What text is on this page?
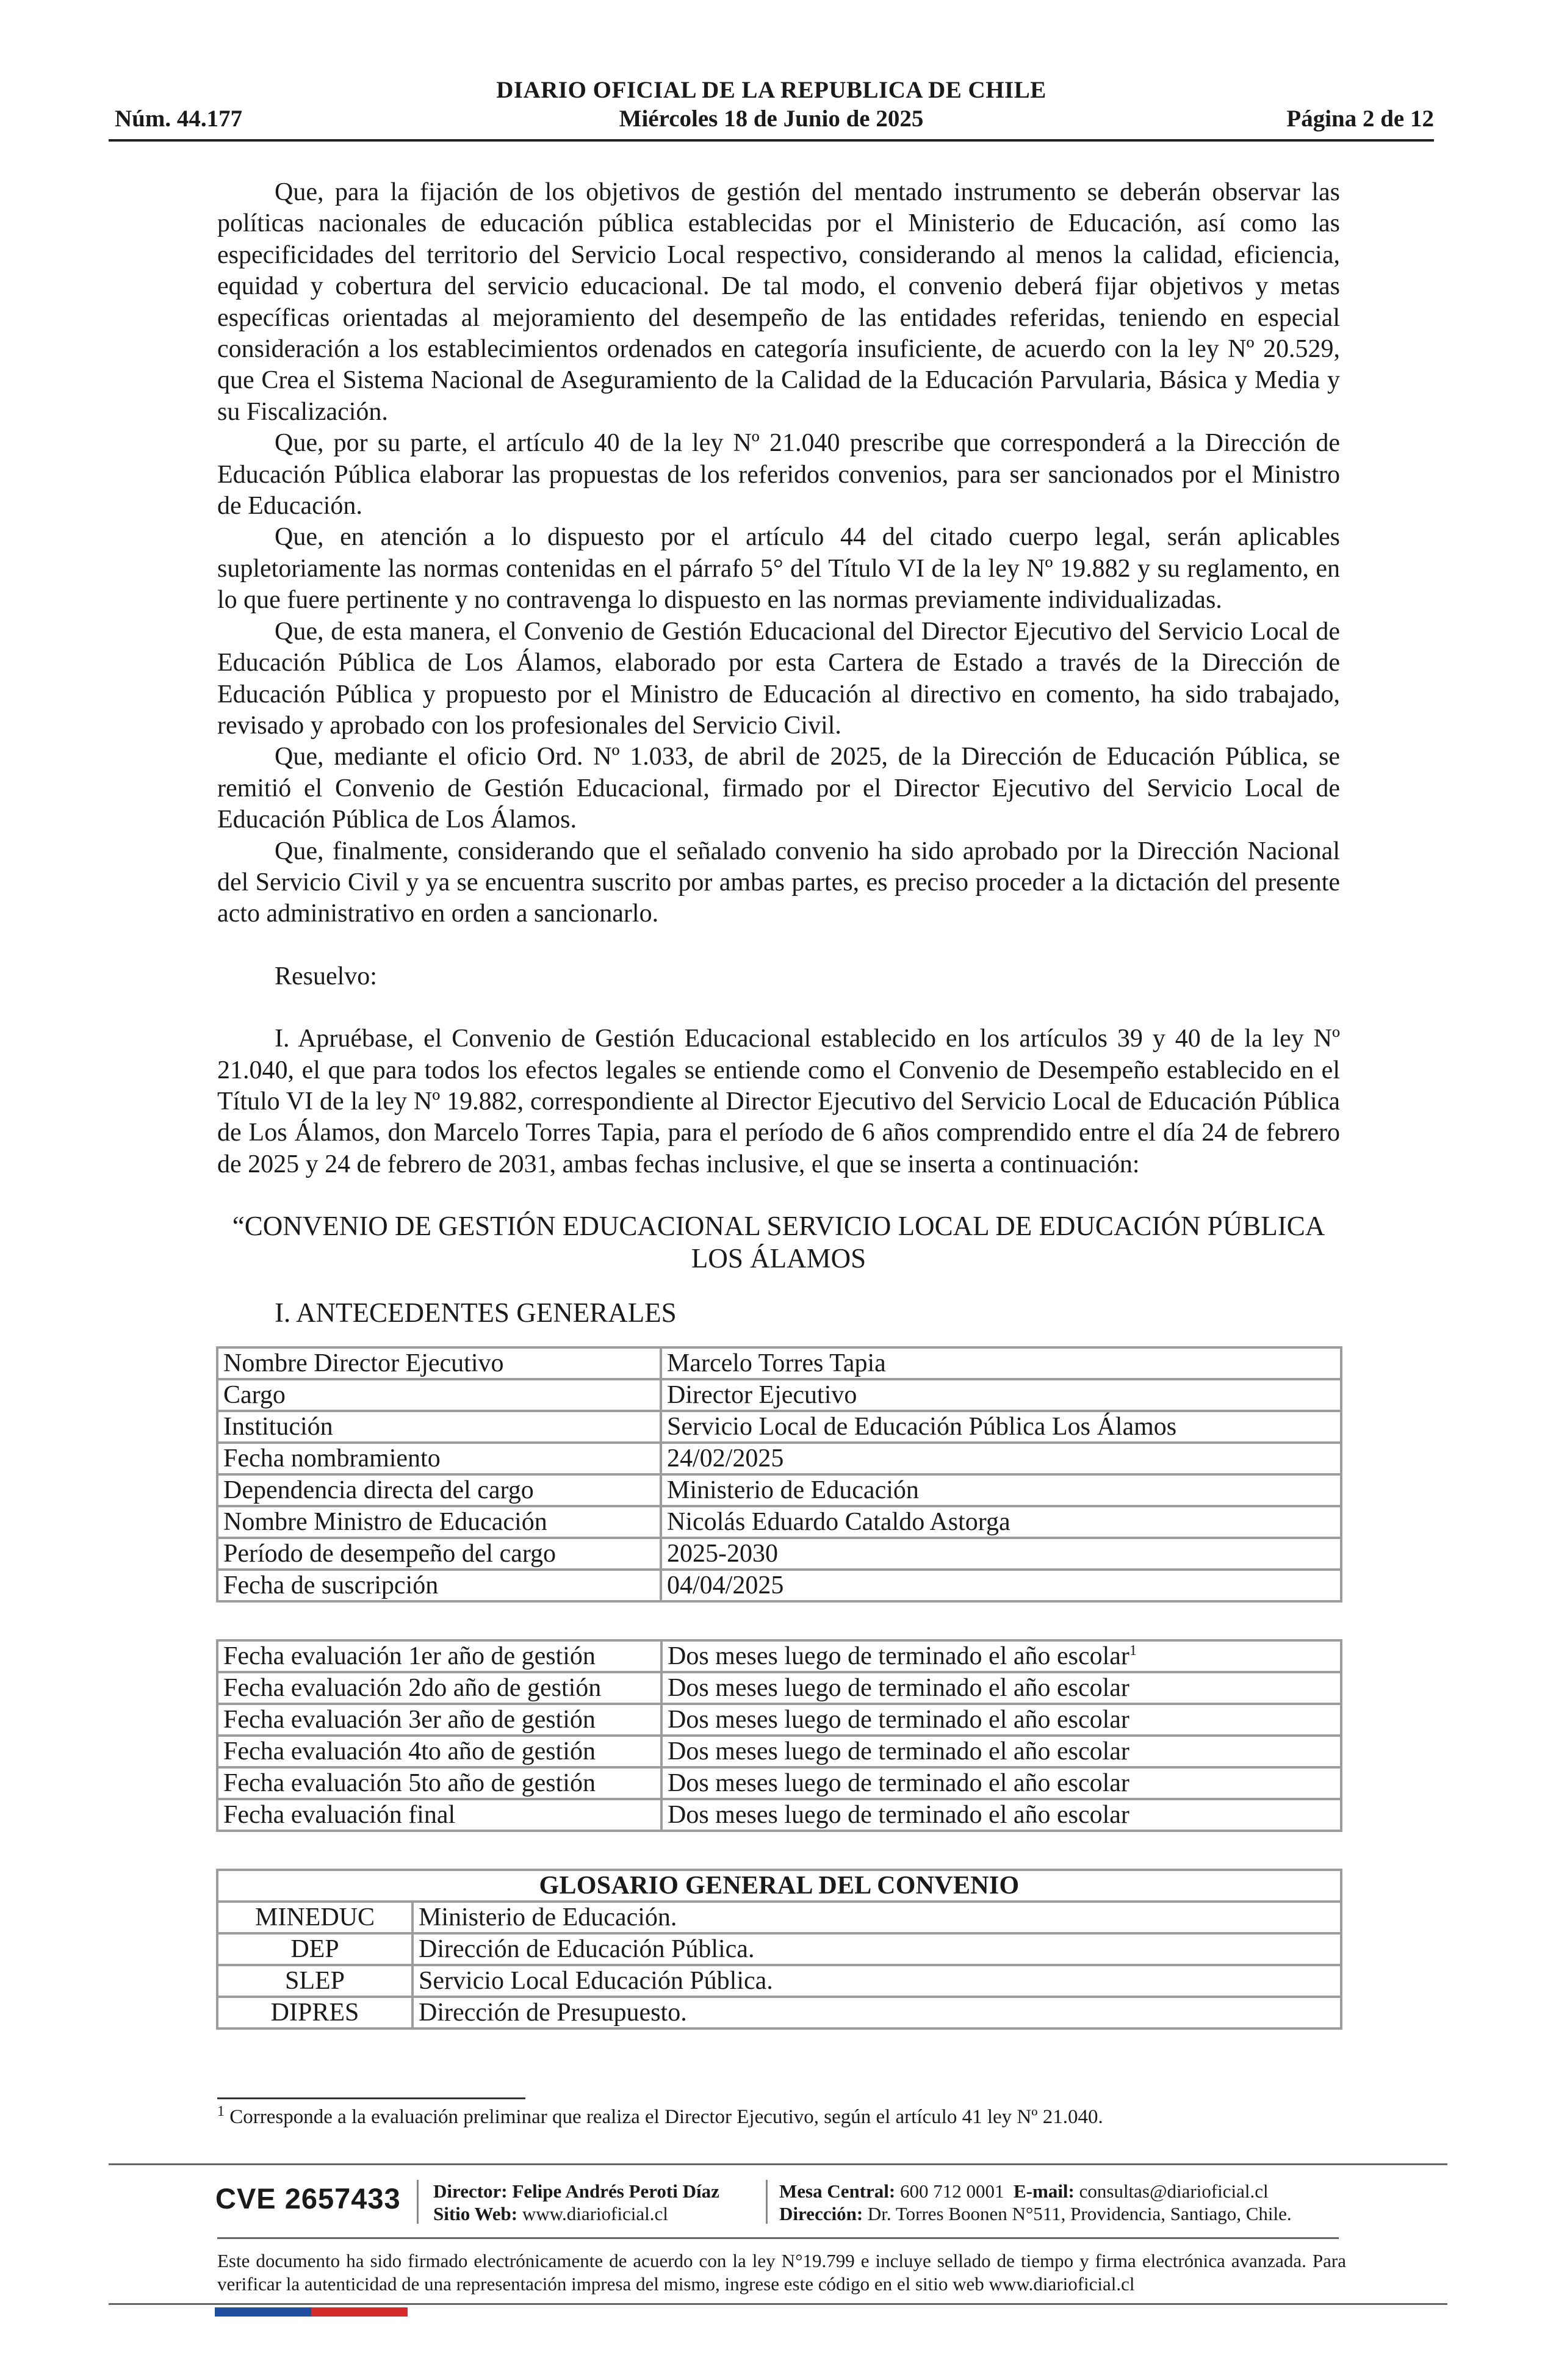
DIARIO OFICIAL DE LA REPUBLICA DE CHILE
Núm. 44.177	Miércoles 18 de Junio de 2025	Página 2 de 12

Que, para la fijación de los objetivos de gestión del mentado instrumento se deberán observar las políticas nacionales de educación pública establecidas por el Ministerio de Educación, así como las especificidades del territorio del Servicio Local respectivo, considerando al menos la calidad, eficiencia, equidad y cobertura del servicio educacional. De tal modo, el convenio deberá fijar objetivos y metas específicas orientadas al mejoramiento del desempeño de las entidades referidas, teniendo en especial consideración a los establecimientos ordenados en categoría insuficiente, de acuerdo con la ley Nº 20.529, que Crea el Sistema Nacional de Aseguramiento de la Calidad de la Educación Parvularia, Básica y Media y su Fiscalización.

Que, por su parte, el artículo 40 de la ley Nº 21.040 prescribe que corresponderá a la Dirección de Educación Pública elaborar las propuestas de los referidos convenios, para ser sancionados por el Ministro de Educación.

Que, en atención a lo dispuesto por el artículo 44 del citado cuerpo legal, serán aplicables supletoriamente las normas contenidas en el párrafo 5° del Título VI de la ley Nº 19.882 y su reglamento, en lo que fuere pertinente y no contravenga lo dispuesto en las normas previamente individualizadas.

Que, de esta manera, el Convenio de Gestión Educacional del Director Ejecutivo del Servicio Local de Educación Pública de Los Álamos, elaborado por esta Cartera de Estado a través de la Dirección de Educación Pública y propuesto por el Ministro de Educación al directivo en comento, ha sido trabajado, revisado y aprobado con los profesionales del Servicio Civil.

Que, mediante el oficio Ord. Nº 1.033, de abril de 2025, de la Dirección de Educación Pública, se remitió el Convenio de Gestión Educacional, firmado por el Director Ejecutivo del Servicio Local de Educación Pública de Los Álamos.

Que, finalmente, considerando que el señalado convenio ha sido aprobado por la Dirección Nacional del Servicio Civil y ya se encuentra suscrito por ambas partes, es preciso proceder a la dictación del presente acto administrativo en orden a sancionarlo.

Resuelvo:

I. Apruébase, el Convenio de Gestión Educacional establecido en los artículos 39 y 40 de la ley Nº 21.040, el que para todos los efectos legales se entiende como el Convenio de Desempeño establecido en el Título VI de la ley Nº 19.882, correspondiente al Director Ejecutivo del Servicio Local de Educación Pública de Los Álamos, don Marcelo Torres Tapia, para el período de 6 años comprendido entre el día 24 de febrero de 2025 y 24 de febrero de 2031, ambas fechas inclusive, el que se inserta a continuación:

“CONVENIO DE GESTIÓN EDUCACIONAL SERVICIO LOCAL DE EDUCACIÓN PÚBLICA LOS ÁLAMOS
I. ANTECEDENTES GENERALES
Nombre Director Ejecutivo	Marcelo Torres Tapia
Cargo	Director Ejecutivo
Institución	Servicio Local de Educación Pública Los Álamos
Fecha nombramiento	24/02/2025
Dependencia directa del cargo	Ministerio de Educación
Nombre Ministro de Educación	Nicolás Eduardo Cataldo Astorga
Período de desempeño del cargo	2025-2030
Fecha de suscripción	04/04/2025
Fecha evaluación 1er año de gestión	Dos meses luego de terminado el año escolar$^1$
Fecha evaluación 2do año de gestión	Dos meses luego de terminado el año escolar
Fecha evaluación 3er año de gestión	Dos meses luego de terminado el año escolar
Fecha evaluación 4to año de gestión	Dos meses luego de terminado el año escolar
Fecha evaluación 5to año de gestión	Dos meses luego de terminado el año escolar
Fecha evaluación final	Dos meses luego de terminado el año escolar
GLOSARIO GENERAL DEL CONVENIO	
MINEDUC	Ministerio de Educación.
DEP	Dirección de Educación Pública.
SLEP	Servicio Local Educación Pública.
DIPRES	Dirección de Presupuesto.
$^1$ Corresponde a la evaluación preliminar que realiza el Director Ejecutivo, según el artículo 41 ley Nº 21.040.
CVE 2657433 Director: Felipe Andrés Peroti Díaz
Sitio Web: www.diarioficial.cl
Mesa Central: 600 712 0001 E-mail: consultas@diarioficial.cl
Dirección: Dr. Torres Boonen N°511, Providencia, Santiago, Chile.
Este documento ha sido firmado electrónicamente de acuerdo con la ley N°19.799 e incluye sellado de tiempo y firma electrónica avanzada. Para verificar la autenticidad de una representación impresa del mismo, ingrese este código en el sitio web www.diarioficial.cl
